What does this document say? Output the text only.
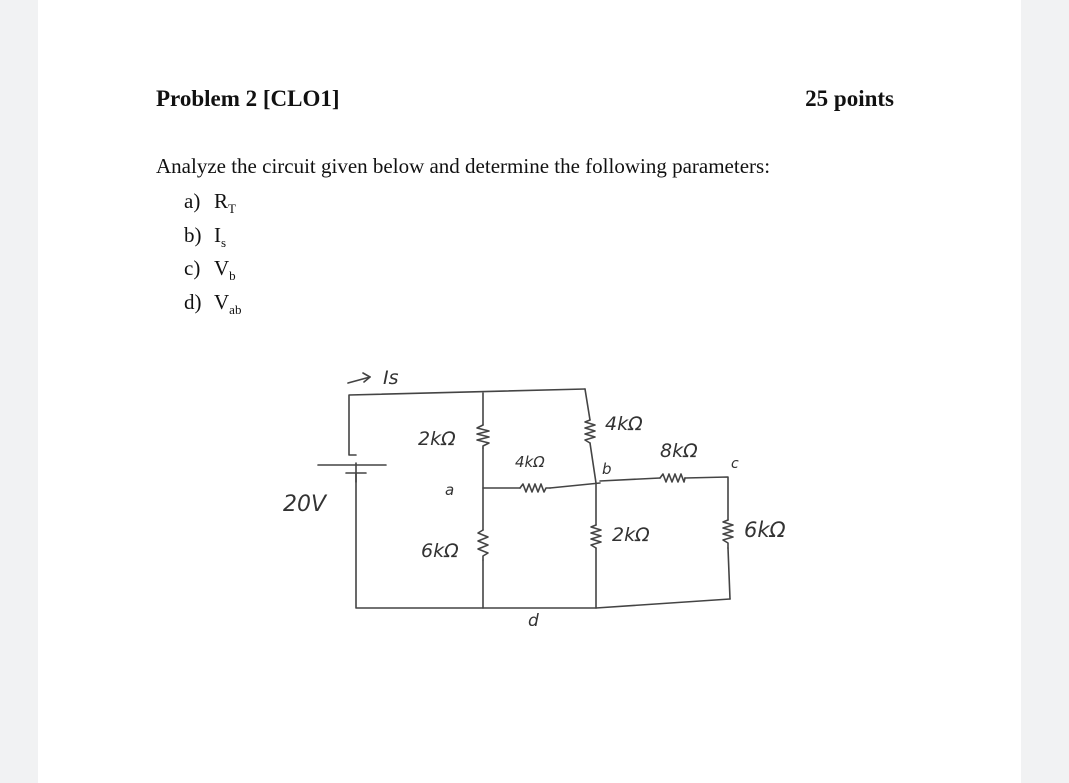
Problem 2 [CLO1]	25 points
Analyze the circuit given below and determine the following parameters:
a) $R_T$
b) $I_s$
c) $V_b$
d) $V_{ab}$
Is
20V
2kΩ
6kΩ
4kΩ
4kΩ
8kΩ
2kΩ	6kΩ
a
b	c
d
